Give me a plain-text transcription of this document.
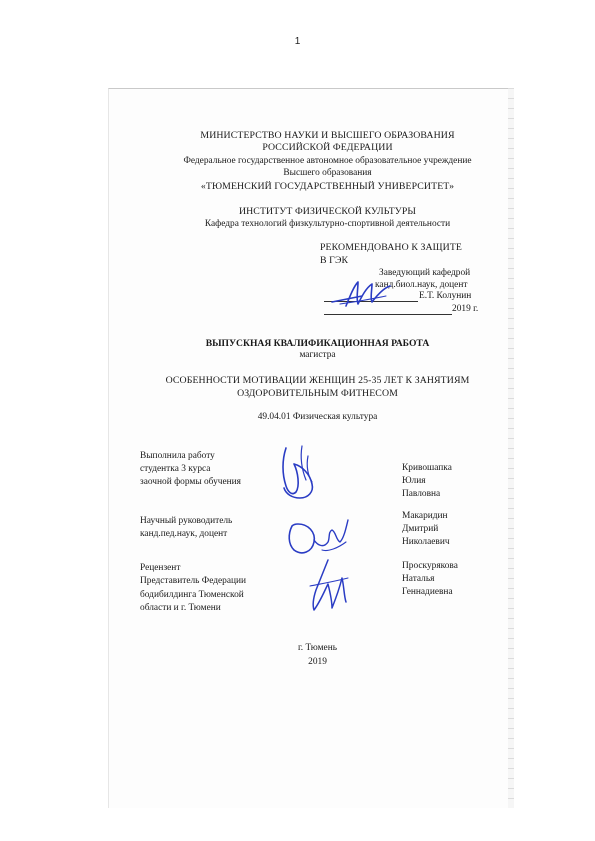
1
МИНИСТЕРСТВО НАУКИ И ВЫСШЕГО ОБРАЗОВАНИЯ
РОССИЙСКОЙ ФЕДЕРАЦИИ
Федеральное государственное автономное образовательное учреждение
Высшего образования
«ТЮМЕНСКИЙ ГОСУДАРСТВЕННЫЙ УНИВЕРСИТЕТ»
ИНСТИТУТ ФИЗИЧЕСКОЙ КУЛЬТУРЫ
Кафедра технологий физкультурно-спортивной деятельности
РЕКОМЕНДОВАНО К ЗАЩИТЕ
В ГЭК
Заведующий кафедрой
канд.биол.наук, доцент
Е.Т. Колунин
2019 г.
ВЫПУСКНАЯ КВАЛИФИКАЦИОННАЯ РАБОТА
магистра
ОСОБЕННОСТИ МОТИВАЦИИ ЖЕНЩИН 25-35 ЛЕТ К ЗАНЯТИЯМ
ОЗДОРОВИТЕЛЬНЫМ ФИТНЕСОМ
49.04.01 Физическая культура
Выполнила работу
студентка 3 курса
заочной формы обучения
Кривошапка
Юлия
Павловна
Научный руководитель
канд.пед.наук, доцент
Макаридин
Дмитрий
Николаевич
Рецензент
Представитель Федерации
бодибилдинга Тюменской
области и г. Тюмени
Проскурякова
Наталья
Геннадиевна
г. Тюмень
2019
